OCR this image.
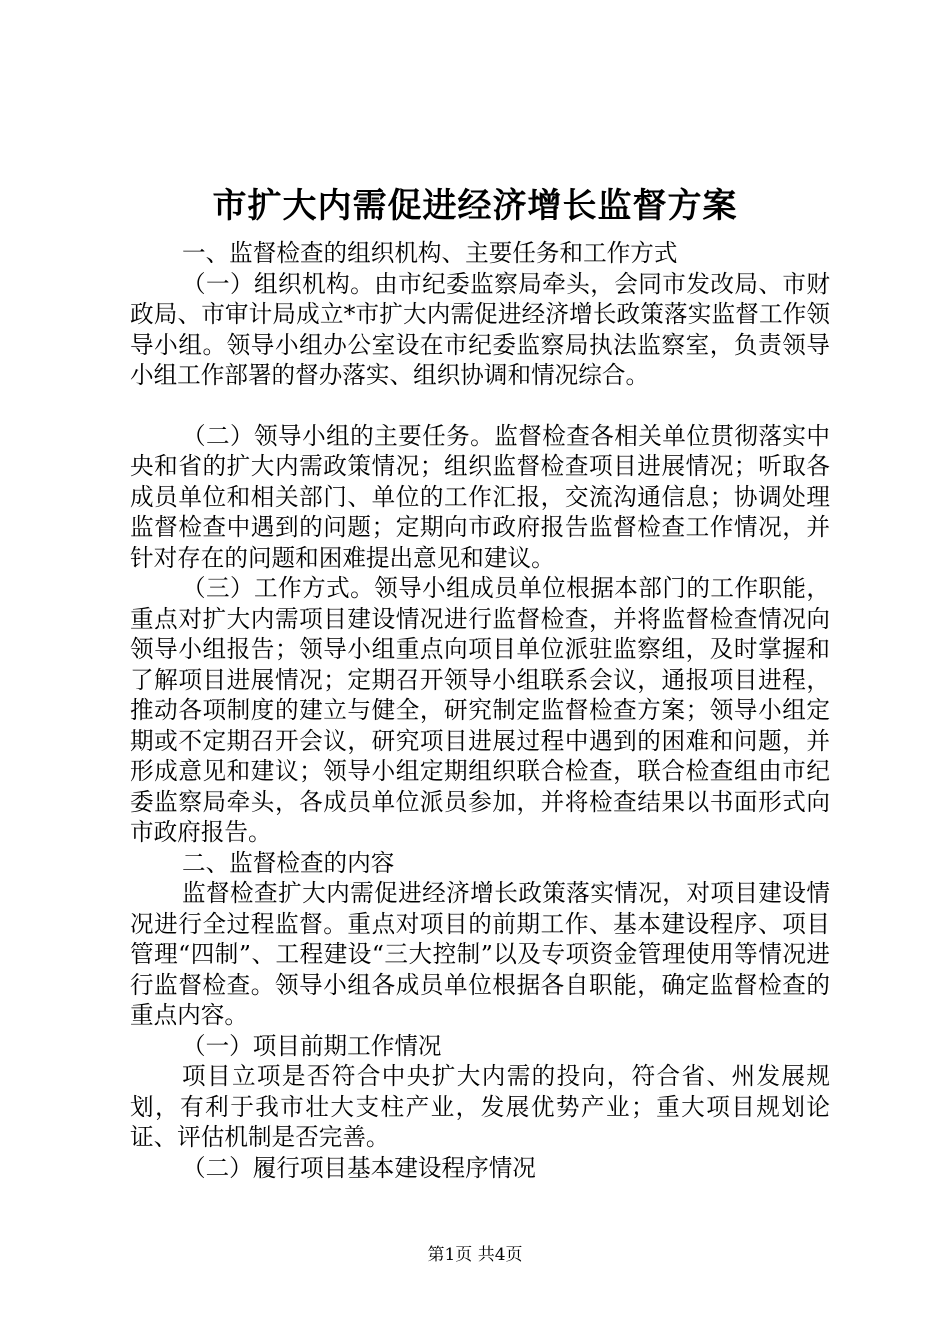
市扩大内需促进经济增长监督方案

一、监督检查的组织机构、主要任务和工作方式

（一）组织机构。由市纪委监察局牵头，会同市发改局、市财政局、市审计局成立*市扩大内需促进经济增长政策落实监督工作领导小组。领导小组办公室设在市纪委监察局执法监察室，负责领导小组工作部署的督办落实、组织协调和情况综合。

（二）领导小组的主要任务。监督检查各相关单位贯彻落实中央和省的扩大内需政策情况；组织监督检查项目进展情况；听取各成员单位和相关部门、单位的工作汇报，交流沟通信息；协调处理监督检查中遇到的问题；定期向市政府报告监督检查工作情况，并针对存在的问题和困难提出意见和建议。

（三）工作方式。领导小组成员单位根据本部门的工作职能，重点对扩大内需项目建设情况进行监督检查，并将监督检查情况向领导小组报告；领导小组重点向项目单位派驻监察组，及时掌握和了解项目进展情况；定期召开领导小组联系会议，通报项目进程，推动各项制度的建立与健全，研究制定监督检查方案；领导小组定期或不定期召开会议，研究项目进展过程中遇到的困难和问题，并形成意见和建议；领导小组定期组织联合检查，联合检查组由市纪委监察局牵头，各成员单位派员参加，并将检查结果以书面形式向市政府报告。

二、监督检查的内容

监督检查扩大内需促进经济增长政策落实情况，对项目建设情况进行全过程监督。重点对项目的前期工作、基本建设程序、项目管理“四制”、工程建设“三大控制”以及专项资金管理使用等情况进行监督检查。领导小组各成员单位根据各自职能，确定监督检查的重点内容。

（一）项目前期工作情况

项目立项是否符合中央扩大内需的投向，符合省、州发展规划，有利于我市壮大支柱产业，发展优势产业；重大项目规划论证、评估机制是否完善。

（二）履行项目基本建设程序情况

第1页 共4页
